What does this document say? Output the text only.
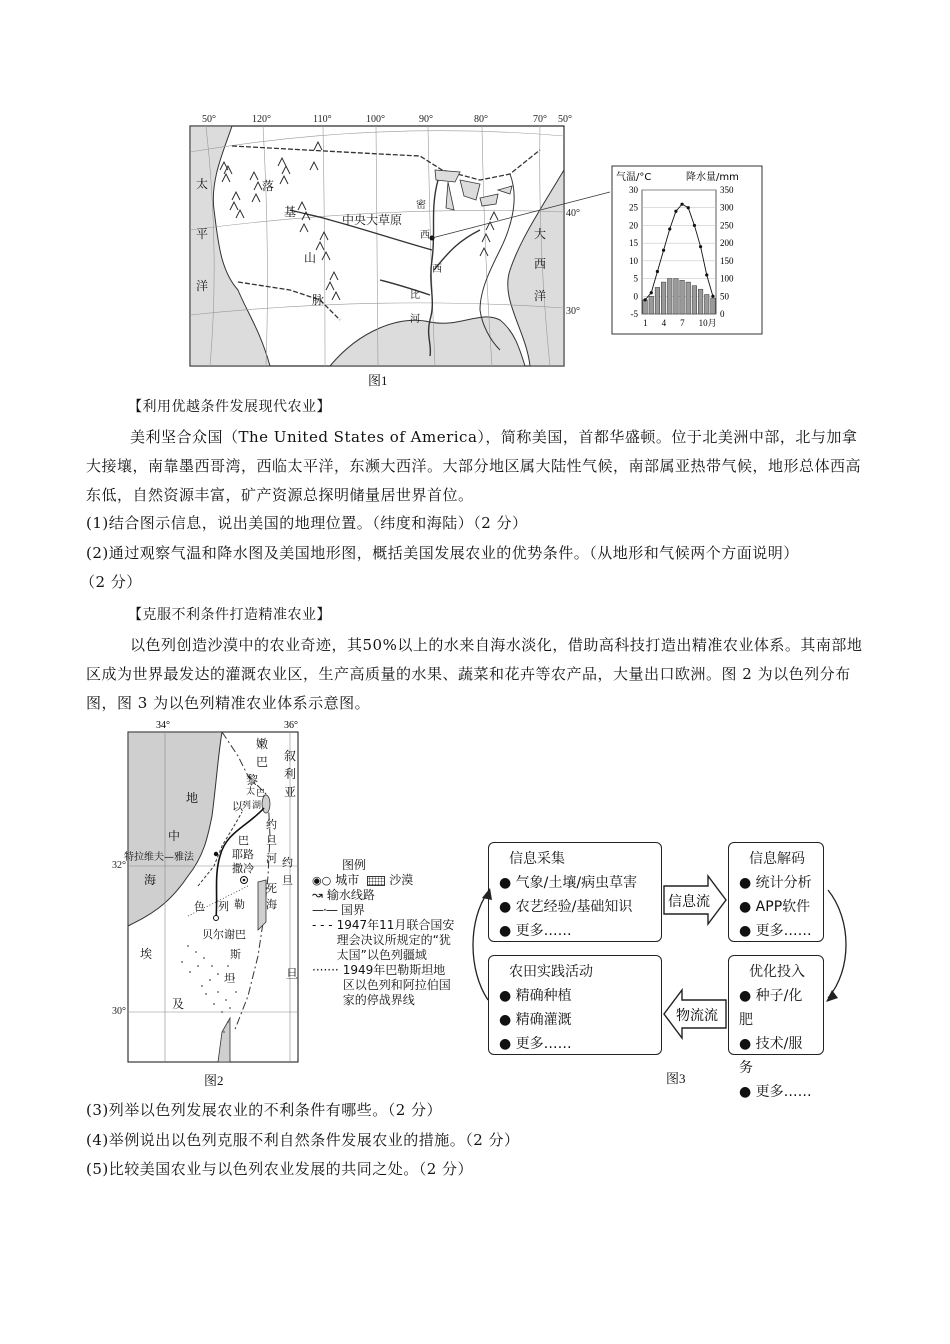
50°	120°	110°	100°	90°	80°	70° 50°
太
平
洋
落
基
山
脉
中央大草原
密
西
西
比
河
大
西
洋
40°
30°
气温/°C	降水量/mm
30
25
20
15
10
5
0
-5
350
300
250
200
150
100
50
0
1 4 7 10月
图1
【利用优越条件发展现代农业】
美利坚合众国（The United States of America），简称美国，首都华盛顿。位于北美洲中部，北与加拿大接壤，南靠墨西哥湾，西临太平洋，东濒大西洋。大部分地区属大陆性气候，南部属亚热带气候，地形总体西高东低，自然资源丰富，矿产资源总探明储量居世界首位。
(1)结合图示信息，说出美国的地理位置。（纬度和海陆）（2 分）
(2)通过观察气温和降水图及美国地形图，概括美国发展农业的优势条件。（从地形和气候两个方面说明）
（2 分）
【克服不利条件打造精准农业】
以色列创造沙漠中的农业奇迹，其50%以上的水来自海水淡化，借助高科技打造出精准农业体系。其南部地区成为世界最发达的灌溉农业区，生产高质量的水果、蔬菜和花卉等农产品，大量出口欧洲。图 2 为以色列分布图，图 3 为以色列精准农业体系示意图。
34°	36°
地
中
海
嫩
巴
黎
叙
利
亚
太 巴
列 湖
以
约
旦
河
特拉维夫—雅法
巴
耶路
撒冷
死
海
约
旦
色 列
贝尔谢巴
勒
斯
坦
埃
及
旦
32°
30°
图例
◉○ 城市	沙漠
↝ 输水线路
—·— 国界
- - - 1947年11月联合国安理会决议所规定的“犹太国”以色列疆域
······· 1949年巴勒斯坦地区以色列和阿拉伯国家的停战界线
图2
信息采集
● 气象/土壤/病虫草害
● 农艺经验/基础知识
● 更多……
信息解码
● 统计分析
● APP软件
● 更多……
农田实践活动
● 精确种植
● 精确灌溉
● 更多……
优化投入
● 种子/化肥
● 技术/服务
● 更多……
信息流
物流流
图3
(3)列举以色列发展农业的不利条件有哪些。（2 分）
(4)举例说出以色列克服不利自然条件发展农业的措施。（2 分）
(5)比较美国农业与以色列农业发展的共同之处。（2 分）
